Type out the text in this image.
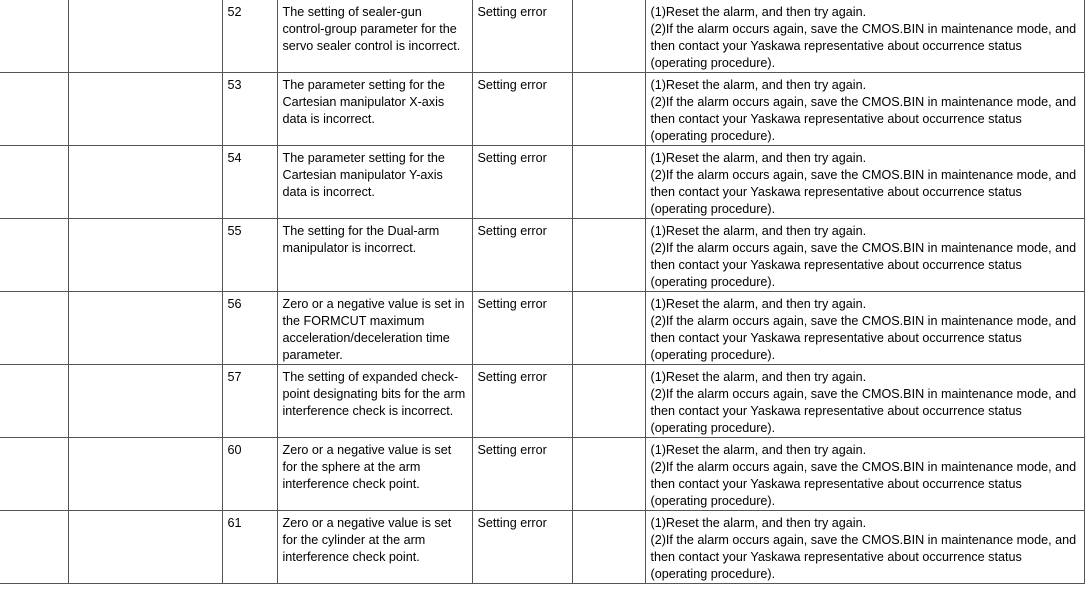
		52	The setting of sealer-gun control-group parameter for the servo sealer control is incorrect.	Setting error		(1)Reset the alarm, and then try again.
(2)If the alarm occurs again, save the CMOS.BIN in maintenance mode, and then contact your Yaskawa representative about occurrence status (operating procedure).
		53	The parameter setting for the Cartesian manipulator X-axis data is incorrect.	Setting error		(1)Reset the alarm, and then try again.
(2)If the alarm occurs again, save the CMOS.BIN in maintenance mode, and then contact your Yaskawa representative about occurrence status (operating procedure).
		54	The parameter setting for the Cartesian manipulator Y-axis data is incorrect.	Setting error		(1)Reset the alarm, and then try again.
(2)If the alarm occurs again, save the CMOS.BIN in maintenance mode, and then contact your Yaskawa representative about occurrence status (operating procedure).
		55	The setting for the Dual-arm manipulator is incorrect.	Setting error		(1)Reset the alarm, and then try again.
(2)If the alarm occurs again, save the CMOS.BIN in maintenance mode, and then contact your Yaskawa representative about occurrence status (operating procedure).
		56	Zero or a negative value is set in the FORMCUT maximum acceleration/deceleration time parameter.	Setting error		(1)Reset the alarm, and then try again.
(2)If the alarm occurs again, save the CMOS.BIN in maintenance mode, and then contact your Yaskawa representative about occurrence status (operating procedure).
		57	The setting of expanded check-point designating bits for the arm interference check is incorrect.	Setting error		(1)Reset the alarm, and then try again.
(2)If the alarm occurs again, save the CMOS.BIN in maintenance mode, and then contact your Yaskawa representative about occurrence status (operating procedure).
		60	Zero or a negative value is set for the sphere at the arm interference check point.	Setting error		(1)Reset the alarm, and then try again.
(2)If the alarm occurs again, save the CMOS.BIN in maintenance mode, and then contact your Yaskawa representative about occurrence status (operating procedure).
		61	Zero or a negative value is set for the cylinder at the arm interference check point.	Setting error		(1)Reset the alarm, and then try again.
(2)If the alarm occurs again, save the CMOS.BIN in maintenance mode, and then contact your Yaskawa representative about occurrence status (operating procedure).
